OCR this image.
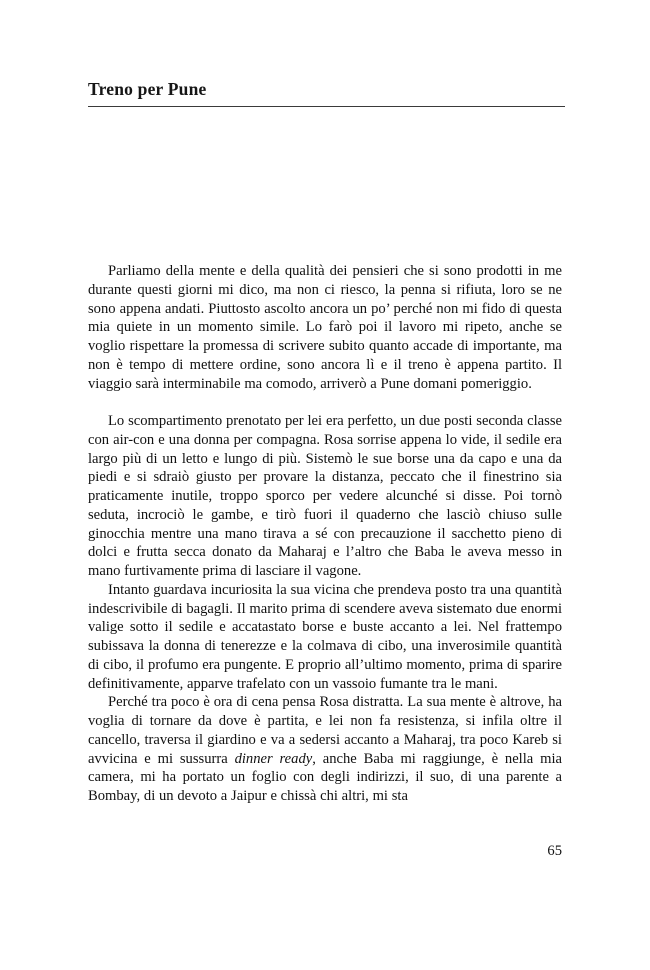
Treno per Pune

Parliamo della mente e della qualità dei pensieri che si sono prodotti in me durante questi giorni mi dico, ma non ci riesco, la penna si rifiuta, loro se ne sono appena andati. Piuttosto ascolto ancora un po’ perché non mi fido di questa mia quiete in un momento simile. Lo farò poi il lavoro mi ripeto, anche se voglio rispettare la promessa di scrivere subito quanto accade di importante, ma non è tempo di mettere ordine, sono ancora lì e il treno è appena partito. Il viaggio sarà interminabile ma comodo, arriverò a Pune domani pomeriggio.

Lo scompartimento prenotato per lei era perfetto, un due posti seconda classe con air-con e una donna per compagna. Rosa sorrise appena lo vide, il sedile era largo più di un letto e lungo di più. Sistemò le sue borse una da capo e una da piedi e si sdraiò giusto per provare la distanza, peccato che il finestrino sia praticamente inutile, troppo sporco per vedere alcunché si disse. Poi tornò seduta, incrociò le gambe, e tirò fuori il quaderno che lasciò chiuso sulle ginocchia mentre una mano tirava a sé con precauzione il sacchetto pieno di dolci e frutta secca donato da Maharaj e l’altro che Baba le aveva messo in mano furtivamente prima di lasciare il vagone.

Intanto guardava incuriosita la sua vicina che prendeva posto tra una quantità indescrivibile di bagagli. Il marito prima di scendere aveva sistemato due enormi valige sotto il sedile e accatastato borse e buste accanto a lei. Nel frattempo subissava la donna di tenerezze e la colmava di cibo, una inverosimile quantità di cibo, il profumo era pungente. E proprio all’ultimo momento, prima di sparire definitivamente, apparve trafelato con un vassoio fumante tra le mani.

Perché tra poco è ora di cena pensa Rosa distratta. La sua mente è altrove, ha voglia di tornare da dove è partita, e lei non fa resistenza, si infila oltre il cancello, traversa il giardino e va a sedersi accanto a Maharaj, tra poco Kareb si avvicina e mi sussurra dinner ready, anche Baba mi raggiunge, è nella mia camera, mi ha portato un foglio con degli indirizzi, il suo, di una parente a Bombay, di un devoto a Jaipur e chissà chi altri, mi sta

65
